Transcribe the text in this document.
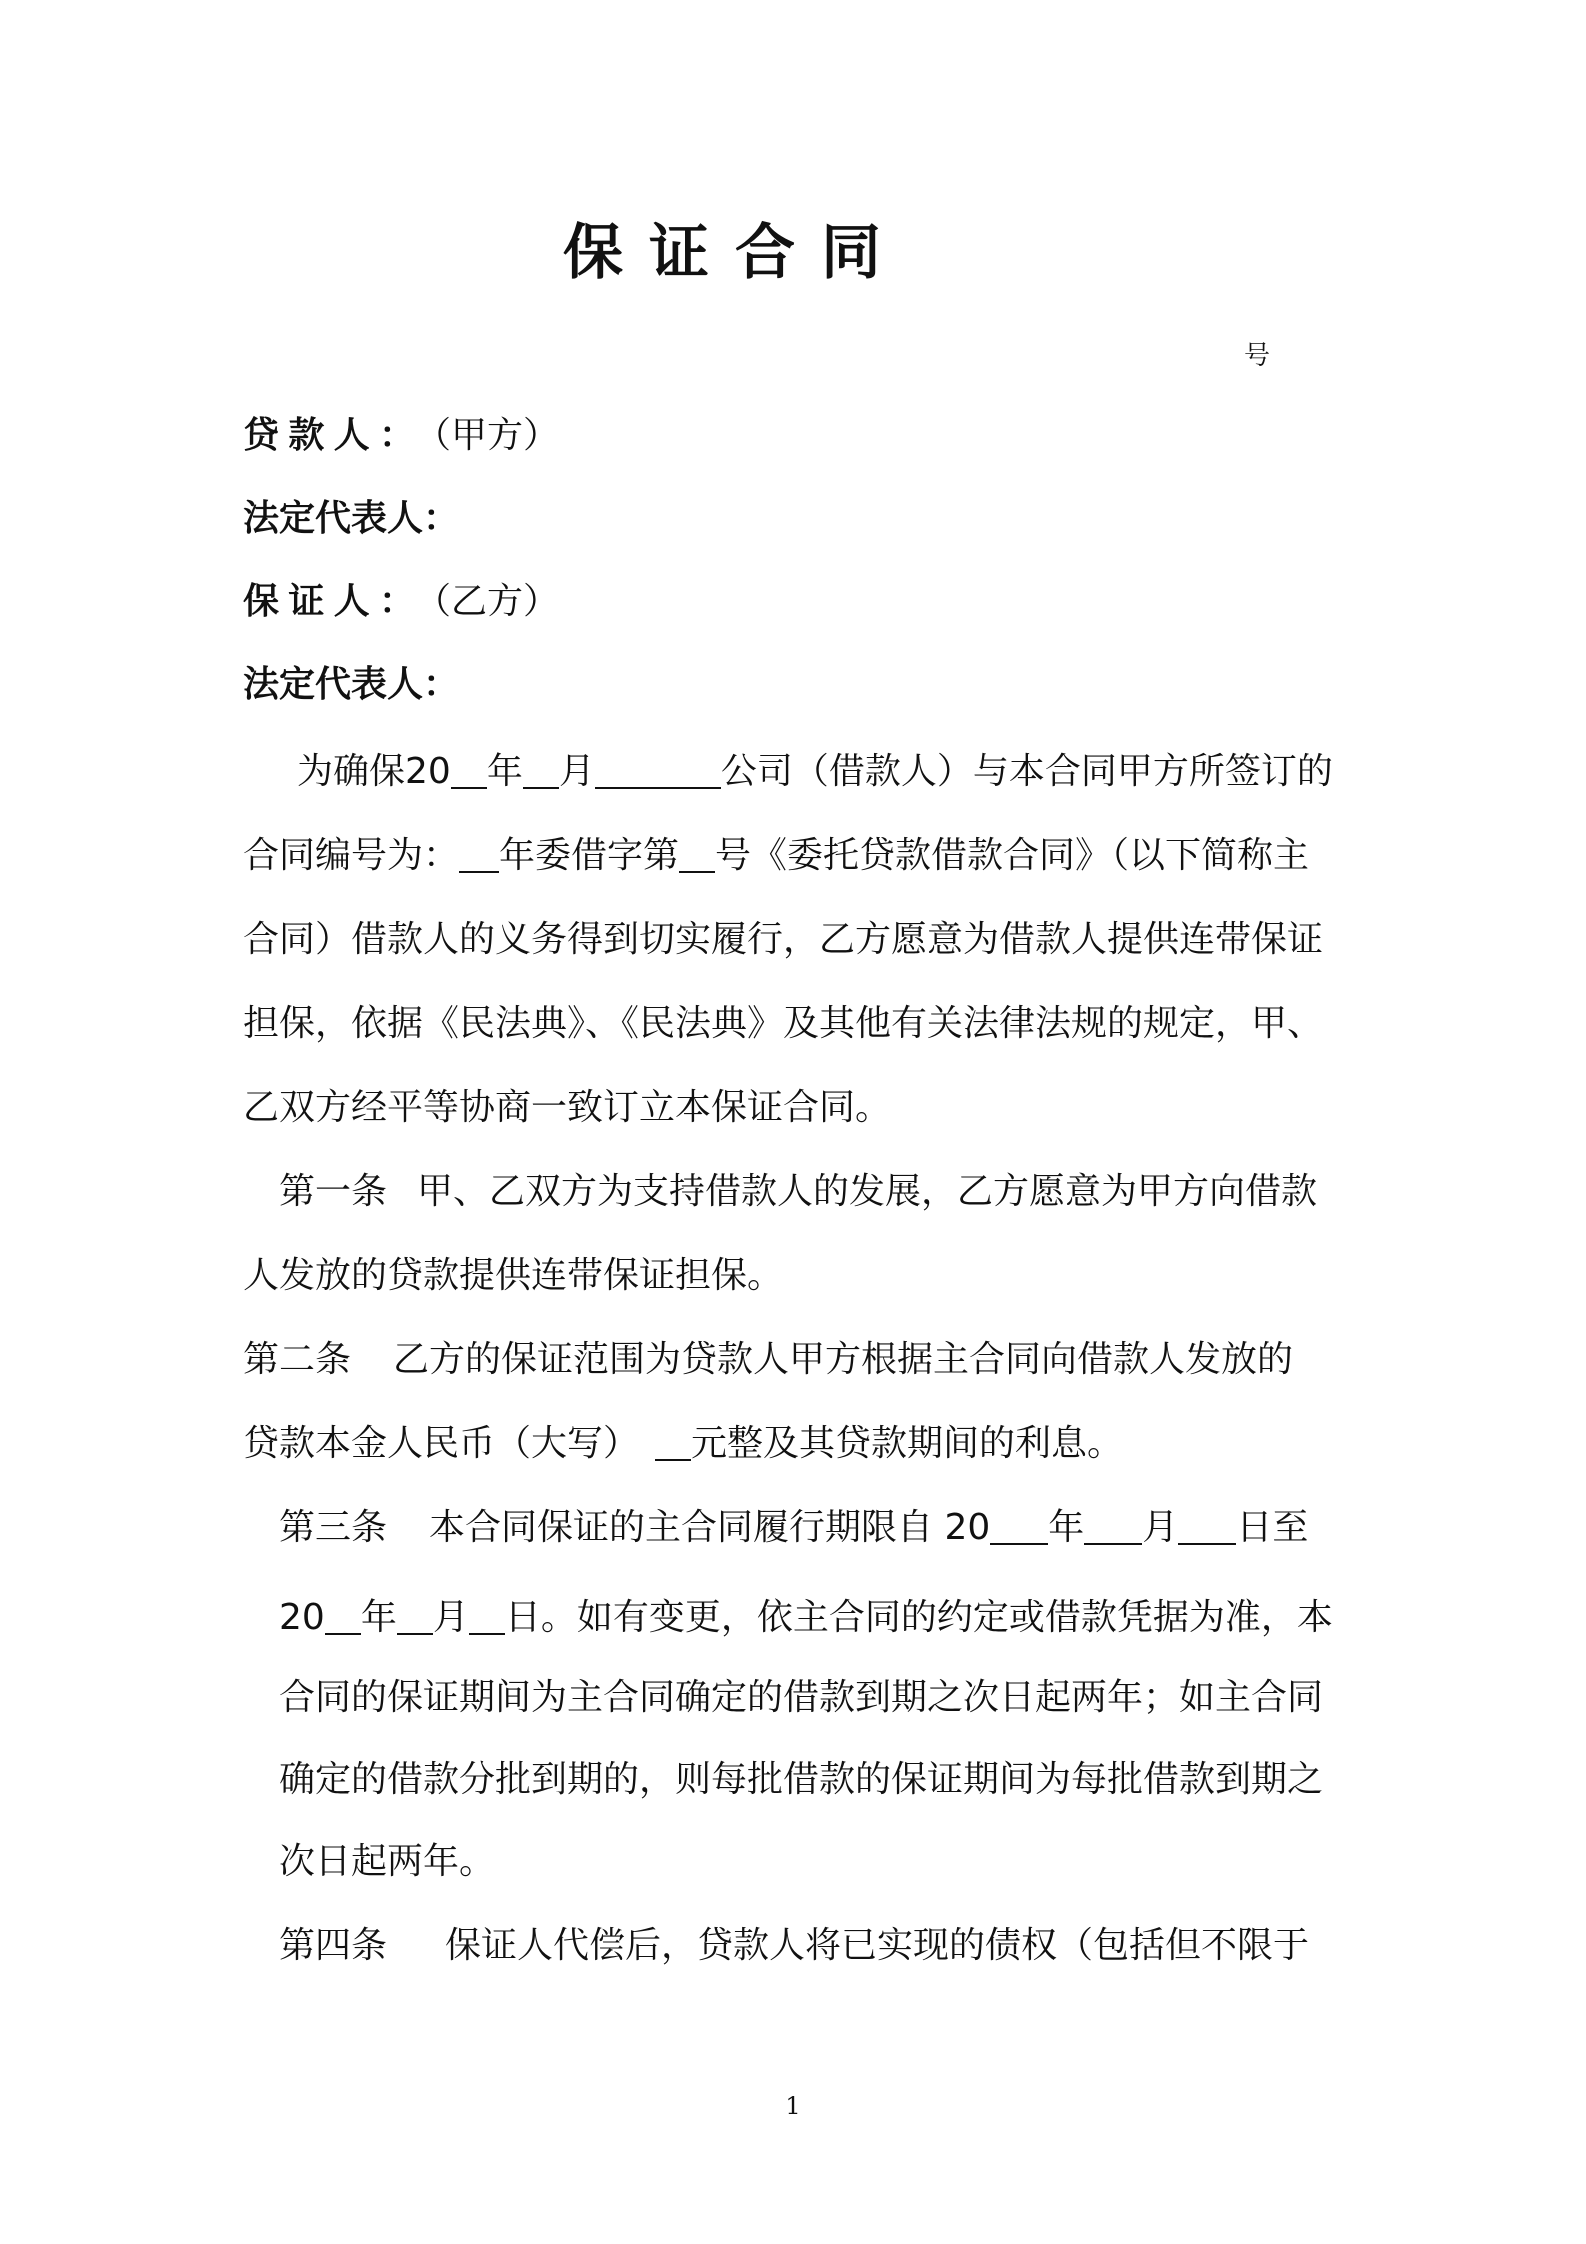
保证合同
号
贷款人：（甲方）
法定代表人：
保证人：（乙方）
法定代表人：
为确保20 年 月	公司（借款人）与本合同甲方所签订的
合同编号为： 年委借字第 号《委托贷款借款合同》（以下简称主
合同）借款人的义务得到切实履行，乙方愿意为借款人提供连带保证
担保，依据《民法典》、《民法典》及其他有关法律法规的规定，甲、
乙双方经平等协商一致订立本保证合同。
第一条 甲、乙双方为支持借款人的发展，乙方愿意为甲方向借款
人发放的贷款提供连带保证担保。
第二条 乙方的保证范围为贷款人甲方根据主合同向借款人发放的
贷款本金人民币（大写） 元整及其贷款期间的利息。
第三条 本合同保证的主合同履行期限自 20 年 月 日至
20 年 月 日。如有变更，依主合同的约定或借款凭据为准，本
合同的保证期间为主合同确定的借款到期之次日起两年；如主合同
确定的借款分批到期的，则每批借款的保证期间为每批借款到期之
次日起两年。
第四条 保证人代偿后，贷款人将已实现的债权（包括但不限于
1
